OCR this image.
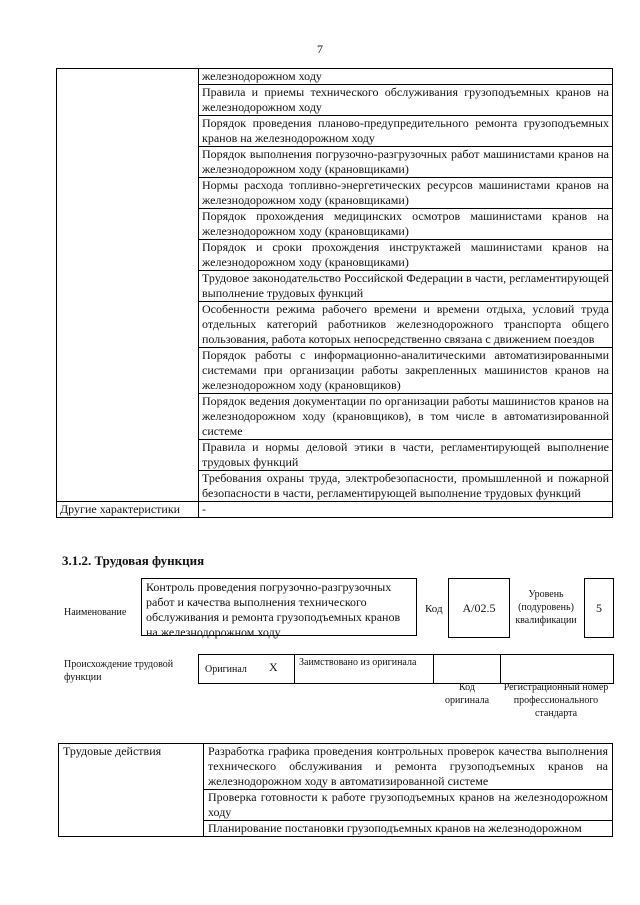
7
	железнодорожном ходу
	Правила и приемы технического обслуживания грузоподъемных кранов на железнодорожном ходу
	Порядок проведения планово-предупредительного ремонта грузоподъемных кранов на железнодорожном ходу
	Порядок выполнения погрузочно-разгрузочных работ машинистами кранов на железнодорожном ходу (крановщиками)
	Нормы расхода топливно-энергетических ресурсов машинистами кранов на железнодорожном ходу (крановщиками)
	Порядок прохождения медицинских осмотров машинистами кранов на железнодорожном ходу (крановщиками)
	Порядок и сроки прохождения инструктажей машинистами кранов на железнодорожном ходу (крановщиками)
	Трудовое законодательство Российской Федерации в части, регламентирующей выполнение трудовых функций
	Особенности режима рабочего времени и времени отдыха, условий труда отдельных категорий работников железнодорожного транспорта общего пользования, работа которых непосредственно связана с движением поездов
	Порядок работы с информационно-аналитическими автоматизированными системами при организации работы закрепленных машинистов кранов на железнодорожном ходу (крановщиков)
	Порядок ведения документации по организации работы машинистов кранов на железнодорожном ходу (крановщиков), в том числе в автоматизированной системе
	Правила и нормы деловой этики в части, регламентирующей выполнение трудовых функций
	Требования охраны труда, электробезопасности, промышленной и пожарной безопасности в части, регламентирующей выполнение трудовых функций
Другие характеристики	-
3.1.2. Трудовая функция
Наименование
Контроль проведения погрузочно-разгрузочных работ и качества выполнения технического обслуживания и ремонта грузоподъемных кранов на железнодорожном ходу
Код A/02.5
Уровень (подуровень) квалификации
5
Происхождение трудовой функции
Оригинал X Заимствовано из оригинала
Код оригинала
Регистрационный номер профессионального стандарта
Трудовые действия	Разработка графика проведения контрольных проверок качества выполнения технического обслуживания и ремонта грузоподъемных кранов на железнодорожном ходу в автоматизированной системе
Проверка готовности к работе грузоподъемных кранов на железнодорожном ходу
Планирование постановки грузоподъемных кранов на железнодорожном
